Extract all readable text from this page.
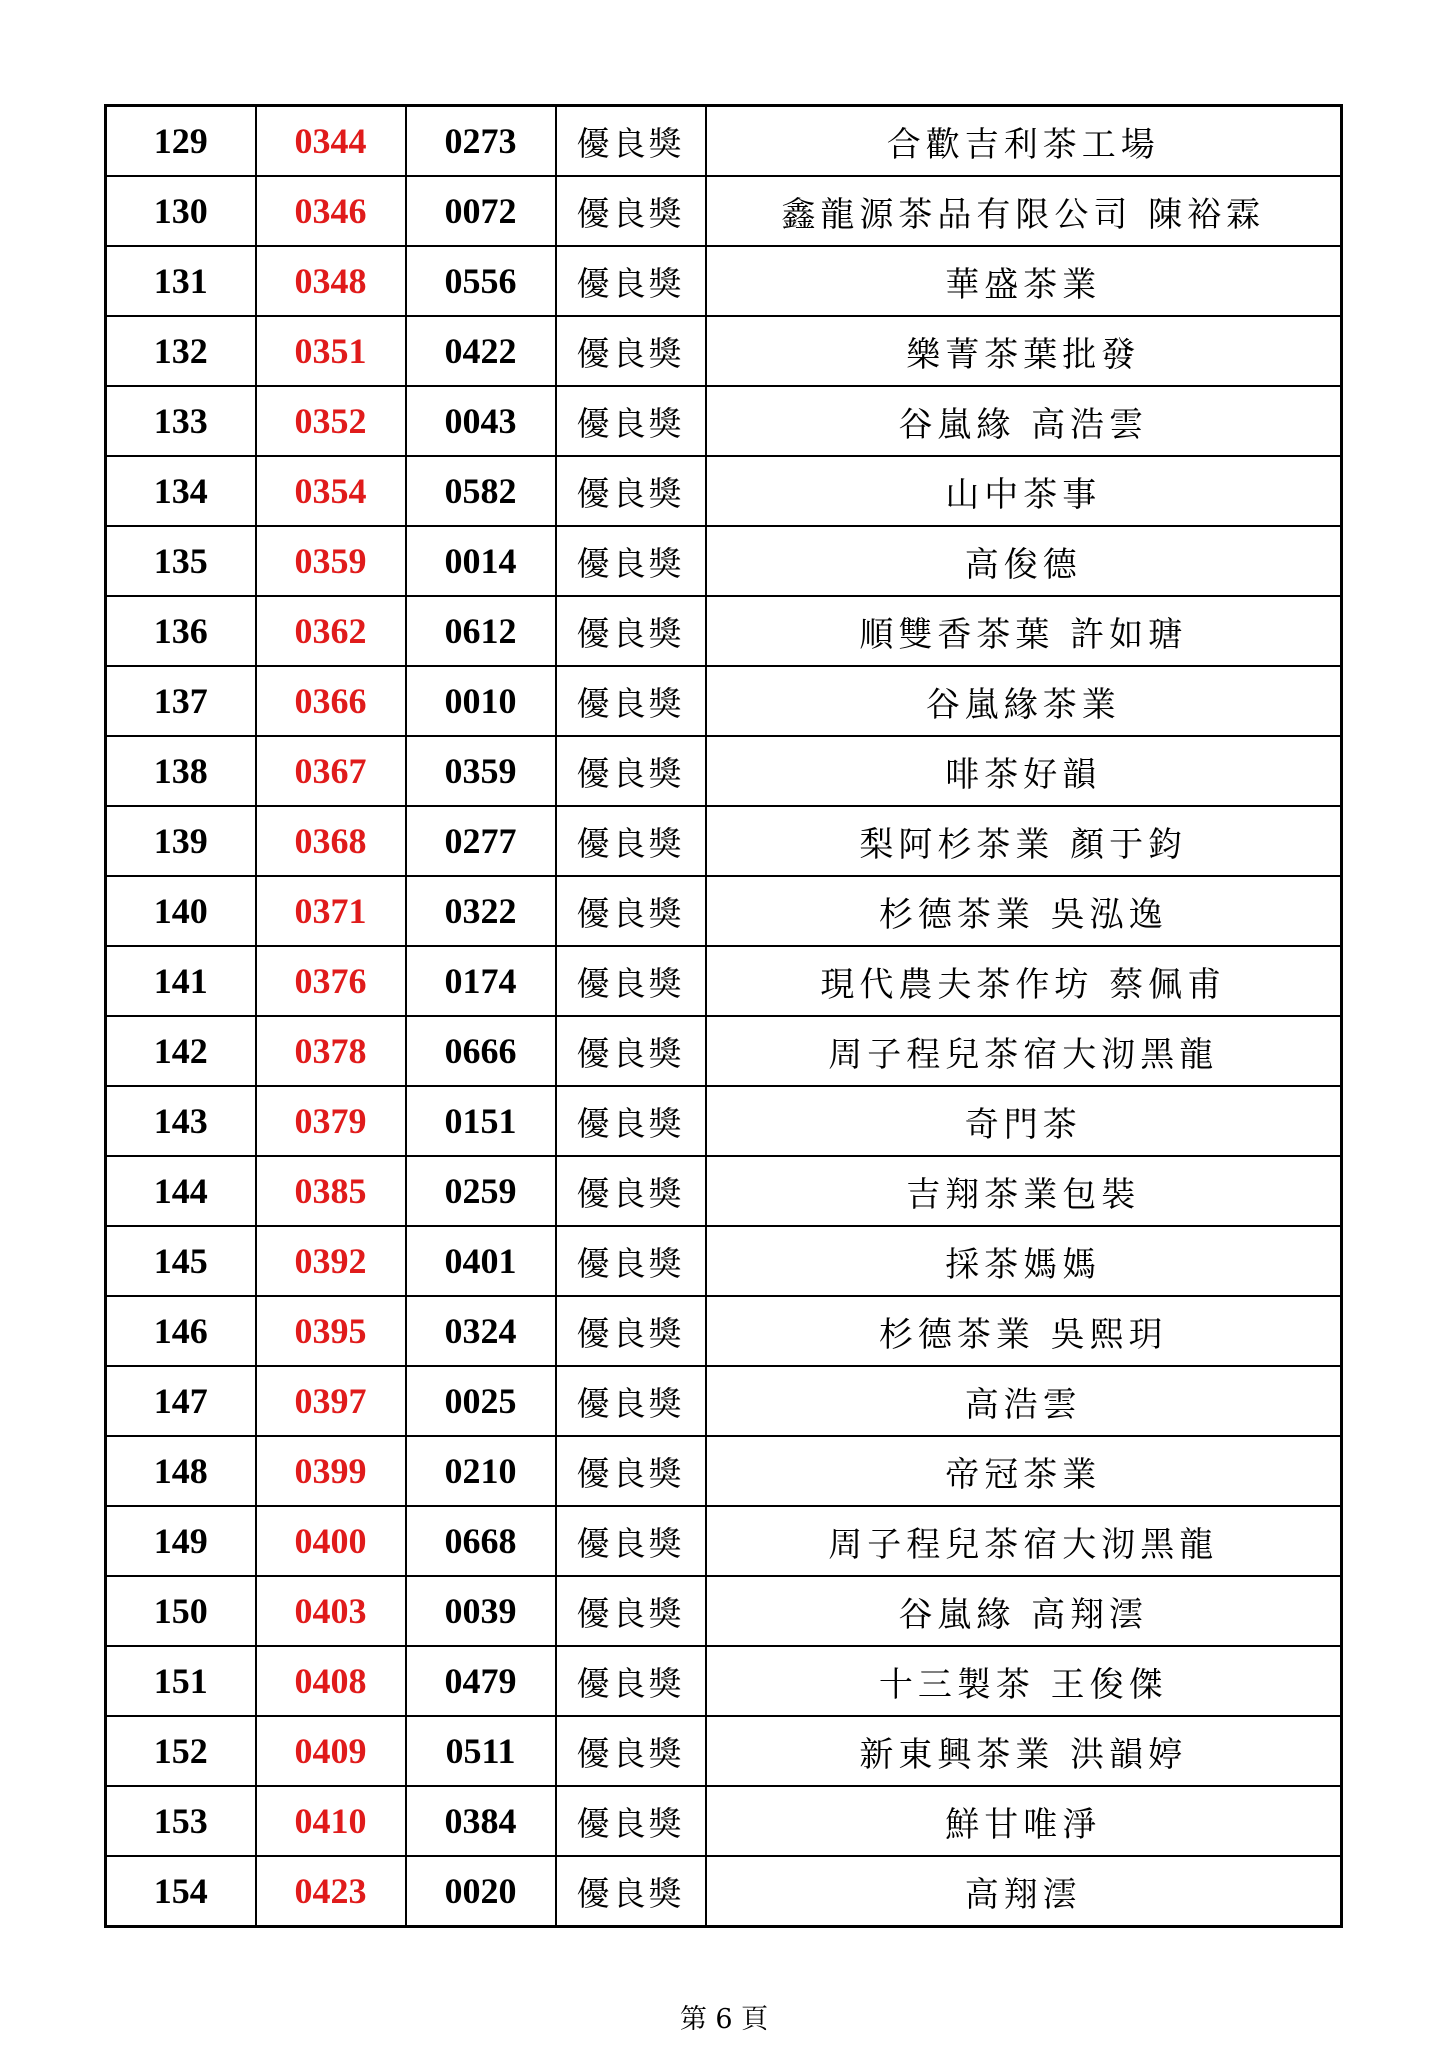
129	0344	0273	優良獎	合歡吉利茶工場
130	0346	0072	優良獎	鑫龍源茶品有限公司 陳裕霖
131	0348	0556	優良獎	華盛茶業
132	0351	0422	優良獎	樂菁茶葉批發
133	0352	0043	優良獎	谷嵐緣 高浩雲
134	0354	0582	優良獎	山中茶事
135	0359	0014	優良獎	高俊德
136	0362	0612	優良獎	順雙香茶葉 許如瑭
137	0366	0010	優良獎	谷嵐緣茶業
138	0367	0359	優良獎	啡茶好韻
139	0368	0277	優良獎	梨阿杉茶業 顏于鈞
140	0371	0322	優良獎	杉德茶業 吳泓逸
141	0376	0174	優良獎	現代農夫茶作坊 蔡佩甫
142	0378	0666	優良獎	周子程兒茶宿大沏黑龍
143	0379	0151	優良獎	奇門茶
144	0385	0259	優良獎	吉翔茶業包裝
145	0392	0401	優良獎	採茶媽媽
146	0395	0324	優良獎	杉德茶業 吳熙玥
147	0397	0025	優良獎	高浩雲
148	0399	0210	優良獎	帝冠茶業
149	0400	0668	優良獎	周子程兒茶宿大沏黑龍
150	0403	0039	優良獎	谷嵐緣 高翔澐
151	0408	0479	優良獎	十三製茶 王俊傑
152	0409	0511	優良獎	新東興茶業 洪韻婷
153	0410	0384	優良獎	鮮甘唯淨
154	0423	0020	優良獎	高翔澐
第 6 頁
